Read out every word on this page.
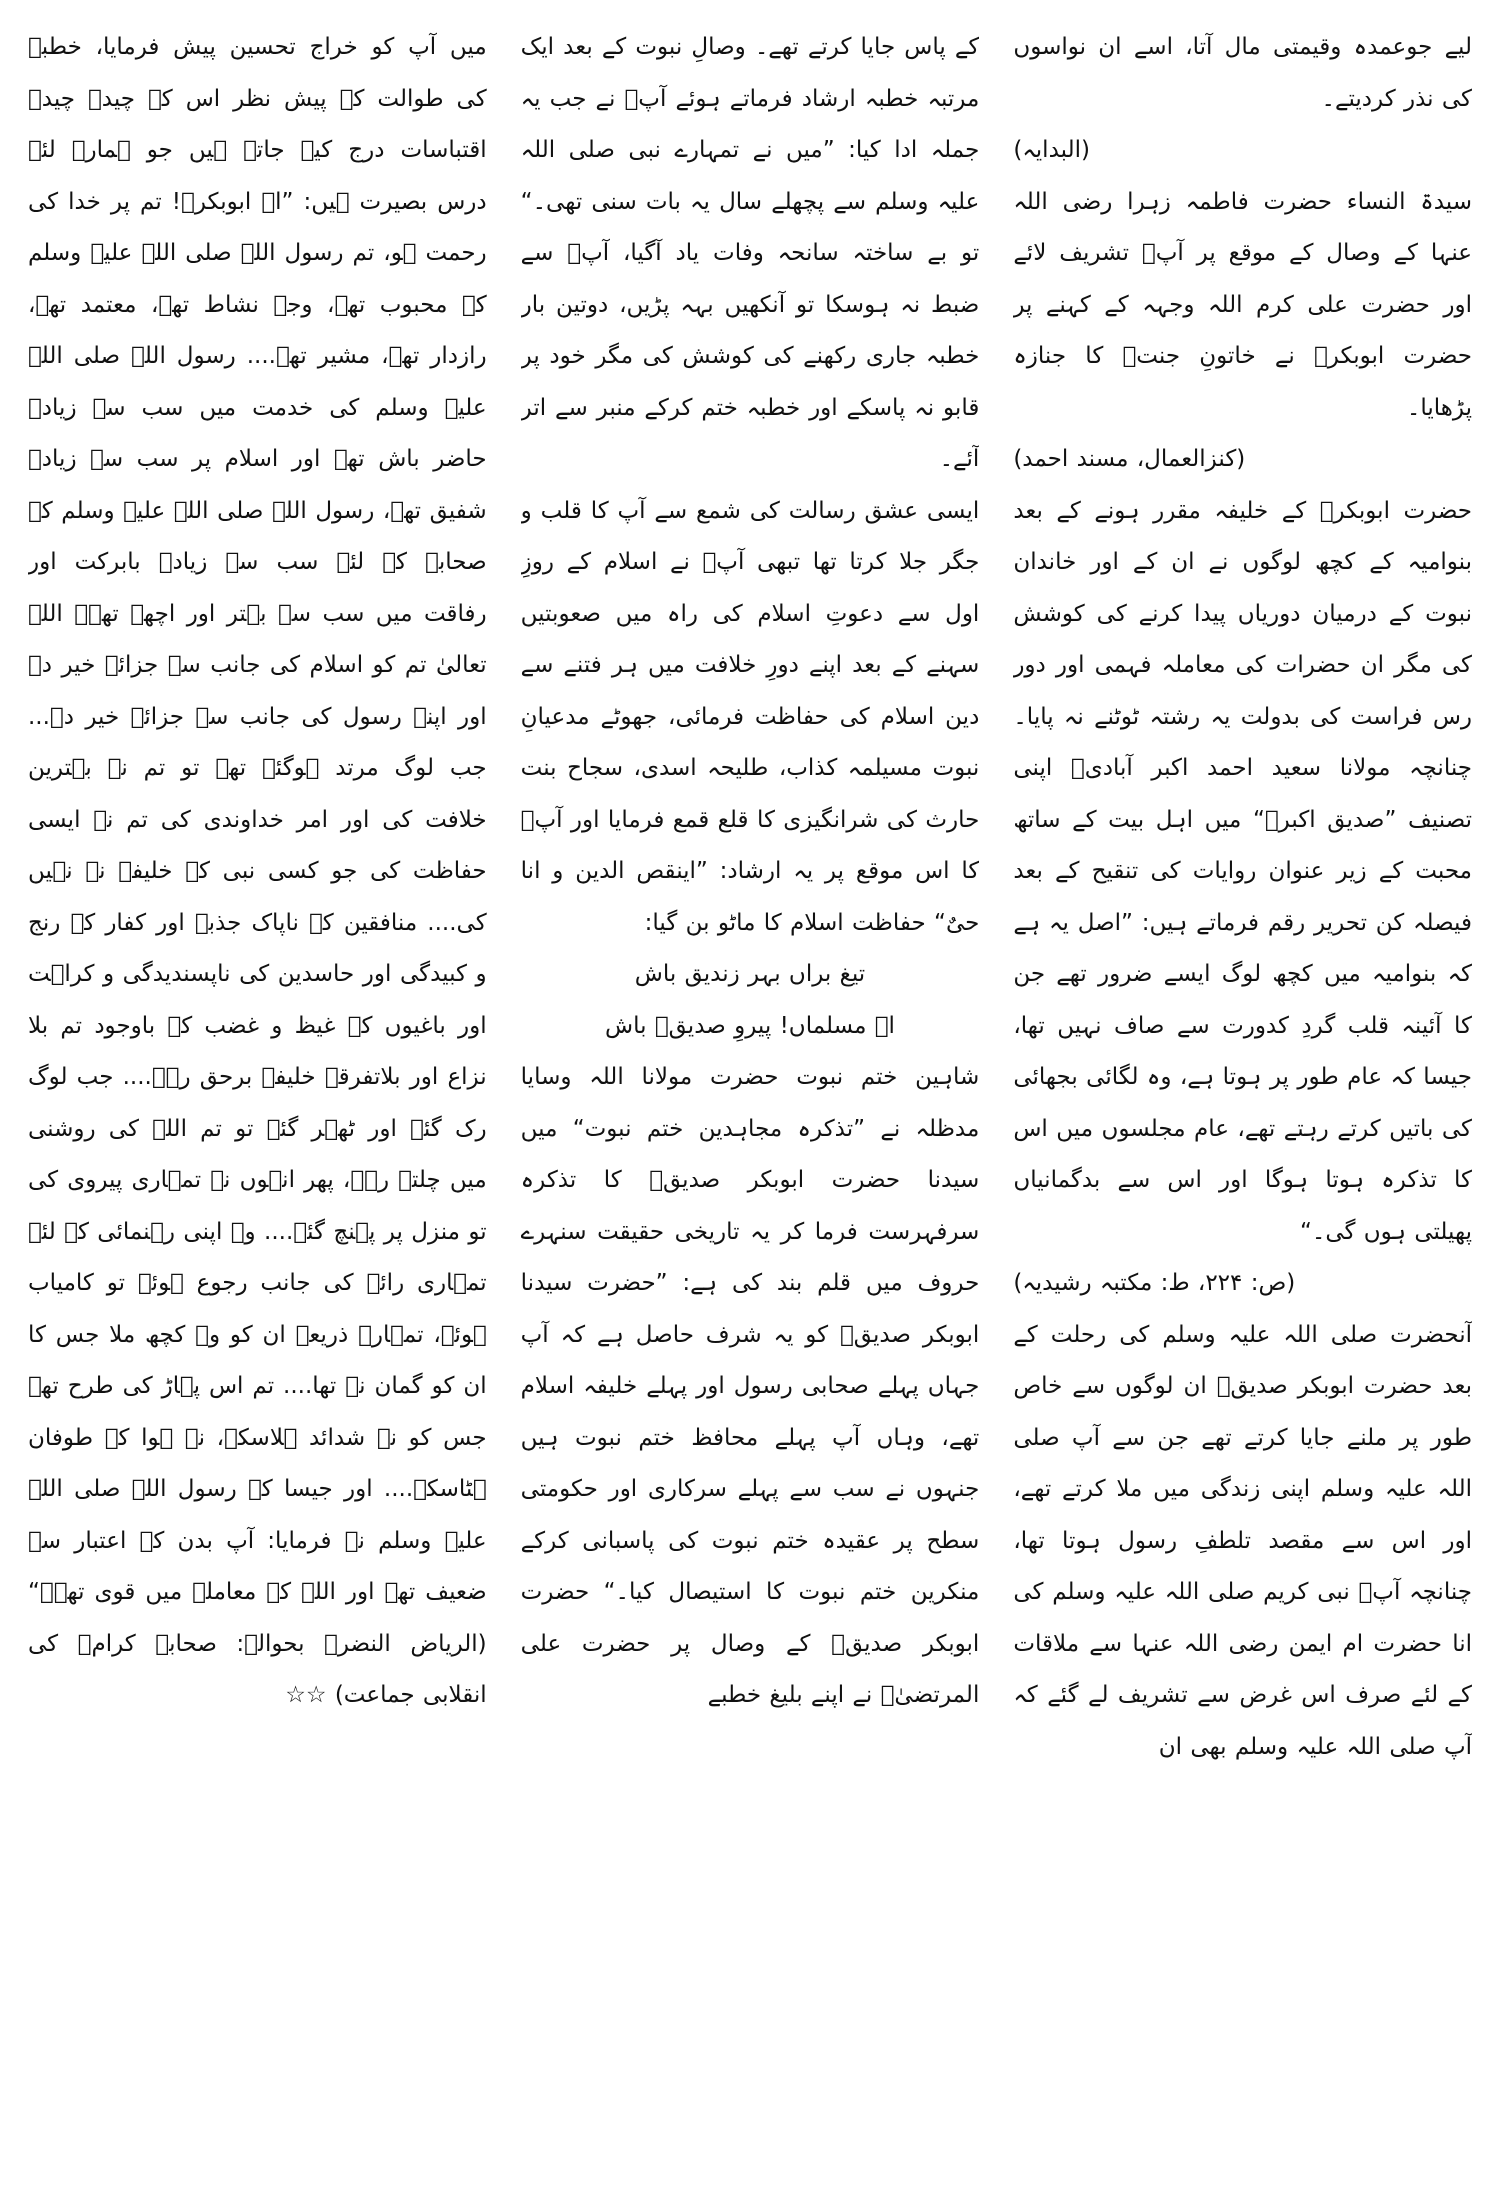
لیے جوعمدہ وقیمتی مال آتا، اسے ان نواسوں کی نذر کردیتے۔

(البدایہ)

سیدۃ النساء حضرت فاطمہ زہرا رضی اللہ عنہا کے وصال کے موقع پر آپؓ تشریف لائے اور حضرت علی کرم اللہ وجہہ کے کہنے پر حضرت ابوبکرؓ نے خاتونِ جنتؓ کا جنازہ پڑھایا۔

(کنزالعمال، مسند احمد)

حضرت ابوبکرؓ کے خلیفہ مقرر ہونے کے بعد بنوامیہ کے کچھ لوگوں نے ان کے اور خاندان نبوت کے درمیان دوریاں پیدا کرنے کی کوشش کی مگر ان حضرات کی معاملہ فہمی اور دور رس فراست کی بدولت یہ رشتہ ٹوٹنے نہ پایا۔ چنانچہ مولانا سعید احمد اکبر آبادیؒ اپنی تصنیف ”صدیق اکبرؓ“ میں اہل بیت کے ساتھ محبت کے زیر عنوان روایات کی تنقیح کے بعد فیصلہ کن تحریر رقم فرماتے ہیں: ”اصل یہ ہے کہ بنوامیہ میں کچھ لوگ ایسے ضرور تھے جن کا آئینہ قلب گردِ کدورت سے صاف نہیں تھا، جیسا کہ عام طور پر ہوتا ہے، وہ لگائی بجھائی کی باتیں کرتے رہتے تھے، عام مجلسوں میں اس کا تذکرہ ہوتا ہوگا اور اس سے بدگمانیاں پھیلتی ہوں گی۔“

(ص: ۲۲۴، ط: مکتبہ رشیدیہ)

آنحضرت صلی اللہ علیہ وسلم کی رحلت کے بعد حضرت ابوبکر صدیقؓ ان لوگوں سے خاص طور پر ملنے جایا کرتے تھے جن سے آپ صلی اللہ علیہ وسلم اپنی زندگی میں ملا کرتے تھے، اور اس سے مقصد تلطفِ رسول ہوتا تھا، چنانچہ آپؓ نبی کریم صلی اللہ علیہ وسلم کی انا حضرت ام ایمن رضی اللہ عنہا سے ملاقات کے لئے صرف اس غرض سے تشریف لے گئے کہ آپ صلی اللہ علیہ وسلم بھی ان

کے پاس جایا کرتے تھے۔ وصالِ نبوت کے بعد ایک مرتبہ خطبہ ارشاد فرماتے ہوئے آپؓ نے جب یہ جملہ ادا کیا: ”میں نے تمہارے نبی صلی اللہ علیہ وسلم سے پچھلے سال یہ بات سنی تھی۔“ تو بے ساختہ سانحہ وفات یاد آگیا، آپؓ سے ضبط نہ ہوسکا تو آنکھیں بہہ پڑیں، دوتین بار خطبہ جاری رکھنے کی کوشش کی مگر خود پر قابو نہ پاسکے اور خطبہ ختم کرکے منبر سے اتر آئے۔

ایسی عشق رسالت کی شمع سے آپ کا قلب و جگر جلا کرتا تھا تبھی آپؓ نے اسلام کے روزِ اول سے دعوتِ اسلام کی راہ میں صعوبتیں سہنے کے بعد اپنے دورِ خلافت میں ہر فتنے سے دین اسلام کی حفاظت فرمائی، جھوٹے مدعیانِ نبوت مسیلمہ کذاب، طلیحہ اسدی، سجاح بنت حارث کی شرانگیزی کا قلع قمع فرمایا اور آپؓ کا اس موقع پر یہ ارشاد: ”اینقص الدین و انا حیٌ“ حفاظت اسلام کا ماٹو بن گیا:

تیغ براں بہر زندیق باش

اے مسلماں! پیروِ صدیقؓ باش

شاہین ختم نبوت حضرت مولانا اللہ وسایا مدظلہ نے ”تذکرہ مجاہدین ختم نبوت“ میں سیدنا حضرت ابوبکر صدیقؓ کا تذکرہ سرفہرست فرما کر یہ تاریخی حقیقت سنہرے حروف میں قلم بند کی ہے: ”حضرت سیدنا ابوبکر صدیقؓ کو یہ شرف حاصل ہے کہ آپ جہاں پہلے صحابی رسول اور پہلے خلیفہ اسلام تھے، وہاں آپ پہلے محافظ ختم نبوت ہیں جنہوں نے سب سے پہلے سرکاری اور حکومتی سطح پر عقیدہ ختم نبوت کی پاسبانی کرکے منکرین ختم نبوت کا استیصال کیا۔“ حضرت ابوبکر صدیقؓ کے وصال پر حضرت علی المرتضیٰؓ نے اپنے بلیغ خطبے

میں آپ کو خراج تحسین پیش فرمایا، خطبے کی طوالت کے پیش نظر اس کے چیدہ چیدہ اقتباسات درج کیے جاتے ہیں جو ہمارے لئے درس بصیرت ہیں: ”اے ابوبکرؓ! تم پر خدا کی رحمت ہو، تم رسول اللہ صلی اللہ علیہ وسلم کے محبوب تھے، وجۂ نشاط تھے، معتمد تھے، رازدار تھے، مشیر تھے.... رسول اللہ صلی اللہ علیہ وسلم کی خدمت میں سب سے زیادہ حاضر باش تھے اور اسلام پر سب سے زیادہ شفیق تھے، رسول اللہ صلی اللہ علیہ وسلم کے صحابہ کے لئے سب سے زیادہ بابرکت اور رفاقت میں سب سے بہتر اور اچھے تھے۔ اللہ تعالیٰ تم کو اسلام کی جانب سے جزائے خیر دے اور اپنے رسول کی جانب سے جزائے خیر دے... جب لوگ مرتد ہوگئے تھے تو تم نے بہترین خلافت کی اور امر خداوندی کی تم نے ایسی حفاظت کی جو کسی نبی کے خلیفہ نے نہیں کی.... منافقین کے ناپاک جذبہ اور کفار کے رنج و کبیدگی اور حاسدین کی ناپسندیدگی و کراہت اور باغیوں کے غیظ و غضب کے باوجود تم بلا نزاع اور بلاتفرقہ خلیفہ برحق رہے.... جب لوگ رک گئے اور ٹھہر گئے تو تم اللہ کی روشنی میں چلتے رہے، پھر انہوں نے تمہاری پیروی کی تو منزل پر پہنچ گئے.... وہ اپنی رہنمائی کے لئے تمہاری رائے کی جانب رجوع ہوئے تو کامیاب ہوئے، تمہارے ذریعے ان کو وہ کچھ ملا جس کا ان کو گمان نہ تھا.... تم اس پہاڑ کی طرح تھے جس کو نہ شدائد ہلاسکے، نہ ہوا کے طوفان ہٹاسکے.... اور جیسا کہ رسول اللہ صلی اللہ علیہ وسلم نے فرمایا: آپ بدن کے اعتبار سے ضعیف تھے اور اللہ کے معاملے میں قوی تھے۔“ (الریاض النضرۃ بحوالہ: صحابہ کرامؓ کی انقلابی جماعت) ☆☆
